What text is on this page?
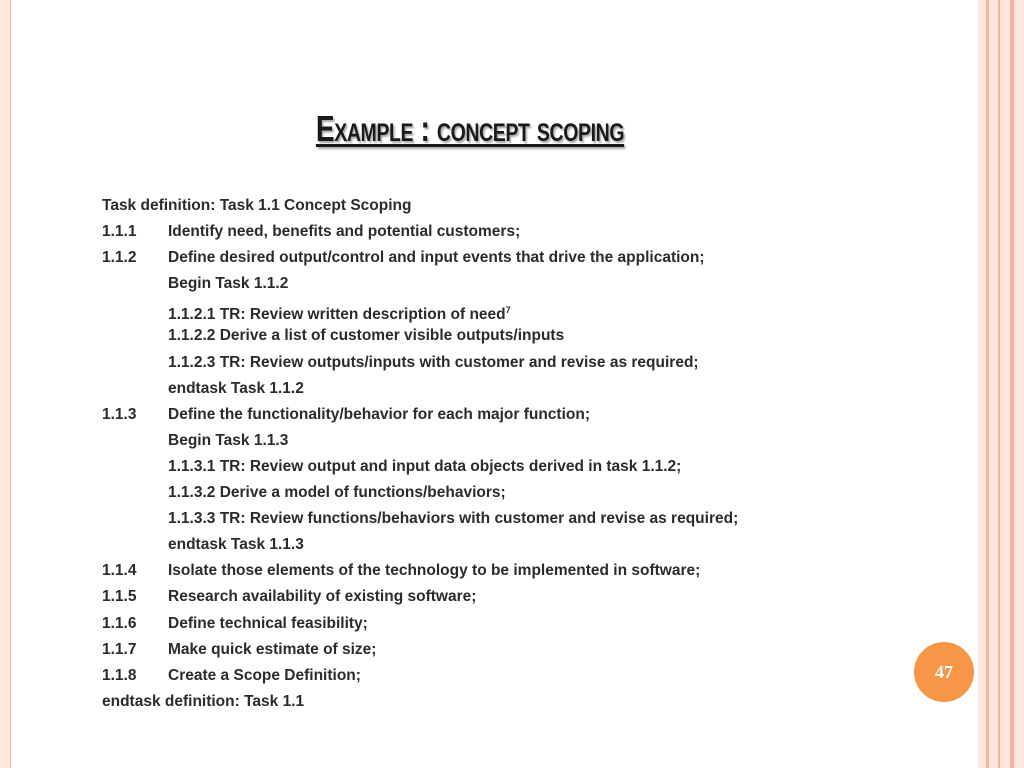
Example : concept scoping
Task definition: Task 1.1 Concept Scoping
1.1.1 Identify need, benefits and potential customers;
1.1.2 Define desired output/control and input events that drive the application;
Begin Task 1.1.2
1.1.2.1 TR: Review written description of need$^7$
1.1.2.2 Derive a list of customer visible outputs/inputs
1.1.2.3 TR: Review outputs/inputs with customer and revise as required;
endtask Task 1.1.2
1.1.3 Define the functionality/behavior for each major function;
Begin Task 1.1.3
1.1.3.1 TR: Review output and input data objects derived in task 1.1.2;
1.1.3.2 Derive a model of functions/behaviors;
1.1.3.3 TR: Review functions/behaviors with customer and revise as required;
endtask Task 1.1.3
1.1.4 Isolate those elements of the technology to be implemented in software;
1.1.5 Research availability of existing software;
1.1.6 Define technical feasibility;
1.1.7 Make quick estimate of size;
1.1.8 Create a Scope Definition;
endtask definition: Task 1.1
47
